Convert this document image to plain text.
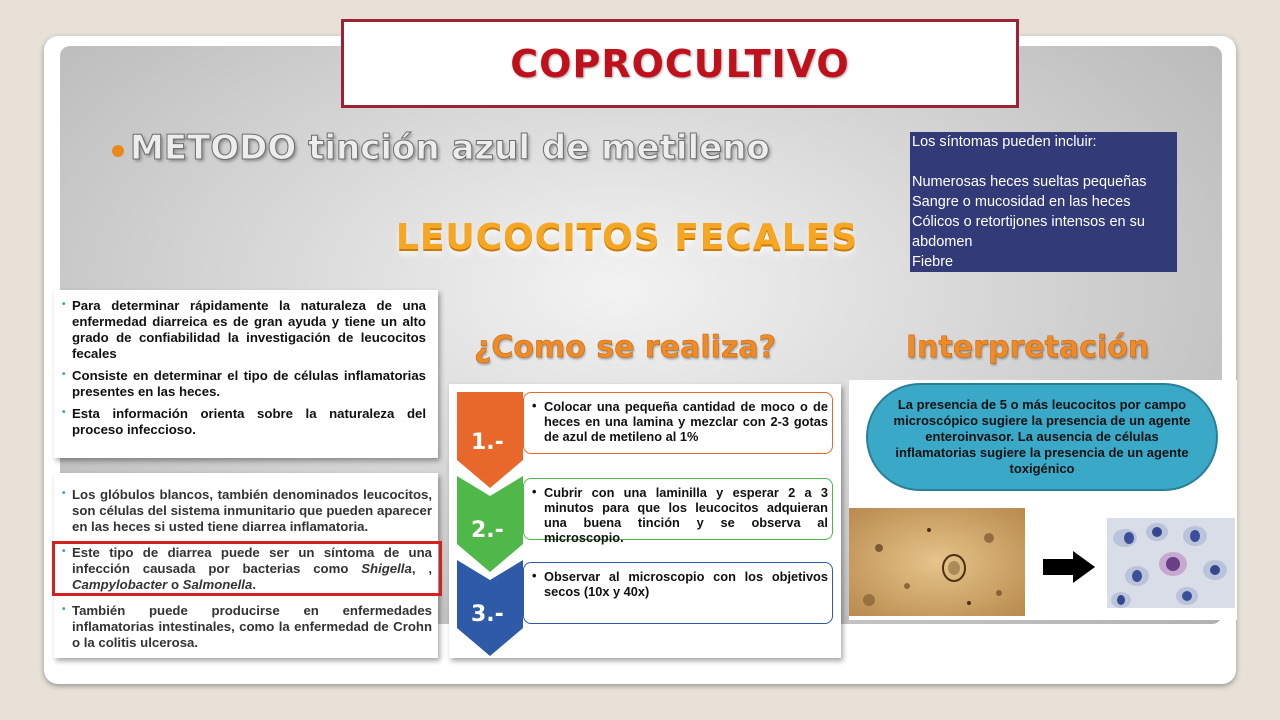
COPROCULTIVO
METODO tinción azul de metileno
LEUCOCITOS FECALES
Los síntomas pueden incluir:
Numerosas heces sueltas pequeñas
Sangre o mucosidad en las heces
Cólicos o retortijones intensos en su abdomen
Fiebre
• Para determinar rápidamente la naturaleza de una enfermedad diarreica es de gran ayuda y tiene un alto grado de confiabilidad la investigación de leucocitos fecales
• Consiste en determinar el tipo de células inflamatorias presentes en las heces.
• Esta información orienta sobre la naturaleza del proceso infeccioso.
• Los glóbulos blancos, también denominados leucocitos, son células del sistema inmunitario que pueden aparecer en las heces si usted tiene diarrea inflamatoria.
• Este tipo de diarrea puede ser un síntoma de una infección causada por bacterias como Shigella, , Campylobacter o Salmonella.
• También puede producirse en enfermedades inflamatorias intestinales, como la enfermedad de Crohn o la colitis ulcerosa.
¿Como se realiza?	Interpretación
1.-
• Colocar una pequeña cantidad de moco o de heces en una lamina y mezclar con 2-3 gotas de azul de metileno al 1%
2.-
• Cubrir con una laminilla y esperar 2 a 3 minutos para que los leucocitos adquieran una buena tinción y se observa al microscopio.
3.-
• Observar al microscopio con los objetivos secos (10x y 40x)
La presencia de 5 o más leucocitos por campo microscópico sugiere la presencia de un agente enteroinvasor. La ausencia de células inflamatorias sugiere la presencia de un agente toxigénico
